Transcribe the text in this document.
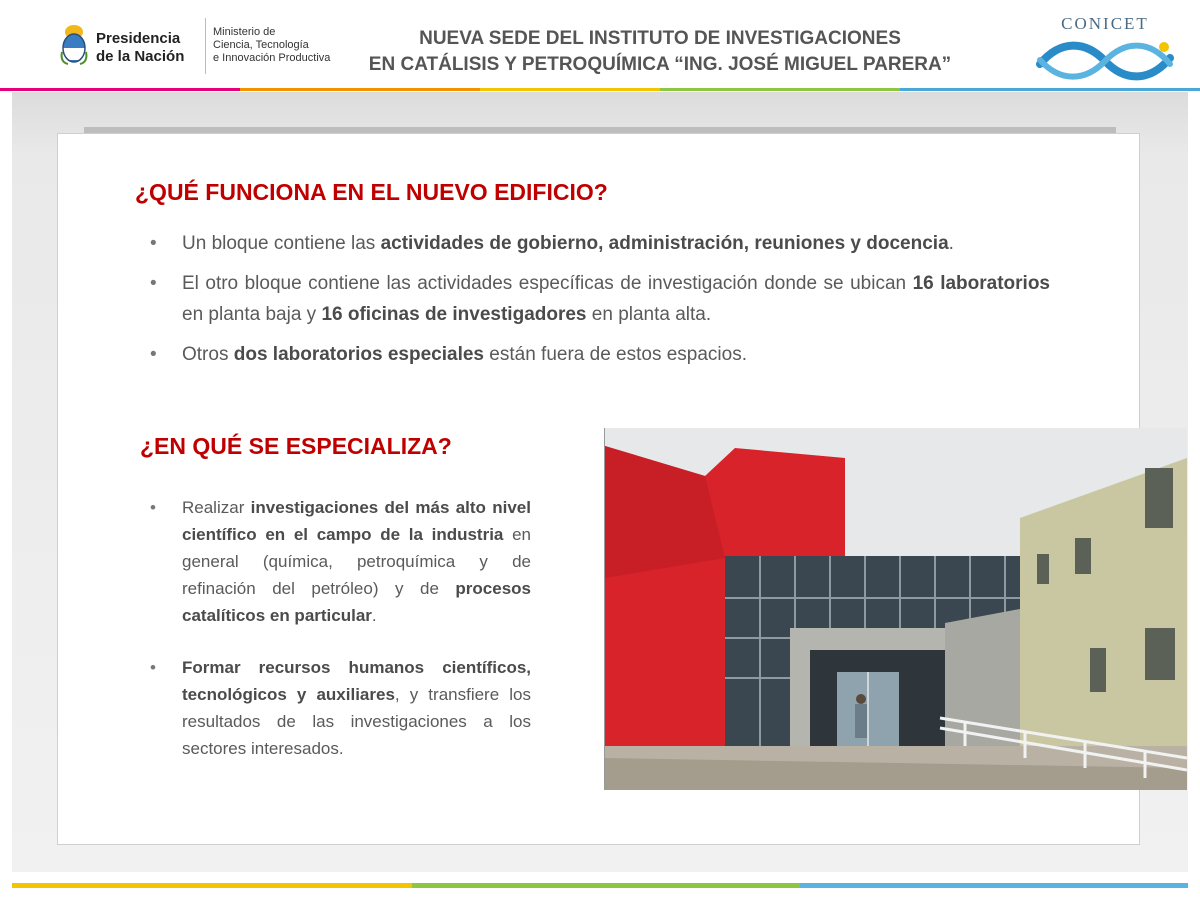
Presidencia
de la Nación
Ministerio de
Ciencia, Tecnología
e Innovación Productiva
NUEVA SEDE DEL INSTITUTO DE INVESTIGACIONES
EN CATÁLISIS Y PETROQUÍMICA “ING. JOSÉ MIGUEL PARERA”
CONICET
¿QUÉ FUNCIONA EN EL NUEVO EDIFICIO?
• Un bloque contiene las actividades de gobierno, administración, reuniones y docencia.
• El otro bloque contiene las actividades específicas de investigación donde se ubican 16 laboratorios en planta baja y 16 oficinas de investigadores en planta alta.
• Otros dos laboratorios especiales están fuera de estos espacios.
¿EN QUÉ SE ESPECIALIZA?
• Realizar investigaciones del más alto nivel científico en el campo de la industria en general (química, petroquímica y de refinación del petróleo) y de procesos catalíticos en particular.
• Formar recursos humanos científicos, tecnológicos y auxiliares, y transfiere los resultados de las investigaciones a los sectores interesados.
